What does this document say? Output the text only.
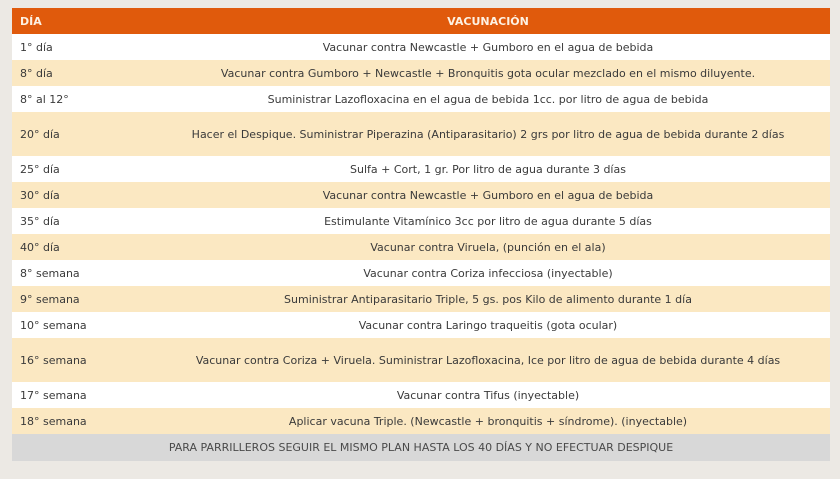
DÍA	VACUNACIÓN
1° día	Vacunar contra Newcastle + Gumboro en el agua de bebida
8° día	Vacunar contra Gumboro + Newcastle + Bronquitis gota ocular mezclado en el mismo diluyente.
8° al 12°	Suministrar Lazofloxacina en el agua de bebida 1cc. por litro de agua de bebida
20° día	Hacer el Despique. Suministrar Piperazina (Antiparasitario) 2 grs por litro de agua de bebida durante 2 días
25° día	Sulfa + Cort, 1 gr. Por litro de agua durante 3 días
30° día	Vacunar contra Newcastle + Gumboro en el agua de bebida
35° día	Estimulante Vitamínico 3cc por litro de agua durante 5 días
40° día	Vacunar contra Viruela, (punción en el ala)
8° semana	Vacunar contra Coriza infecciosa (inyectable)
9° semana	Suministrar Antiparasitario Triple, 5 gs. pos Kilo de alimento durante 1 día
10° semana	Vacunar contra Laringo traqueitis (gota ocular)
16° semana	Vacunar contra Coriza + Viruela. Suministrar Lazofloxacina, Ice por litro de agua de bebida durante 4 días
17° semana	Vacunar contra Tifus (inyectable)
18° semana	Aplicar vacuna Triple. (Newcastle + bronquitis + síndrome). (inyectable)
PARA PARRILLEROS SEGUIR EL MISMO PLAN HASTA LOS 40 DÍAS Y NO EFECTUAR DESPIQUE	
